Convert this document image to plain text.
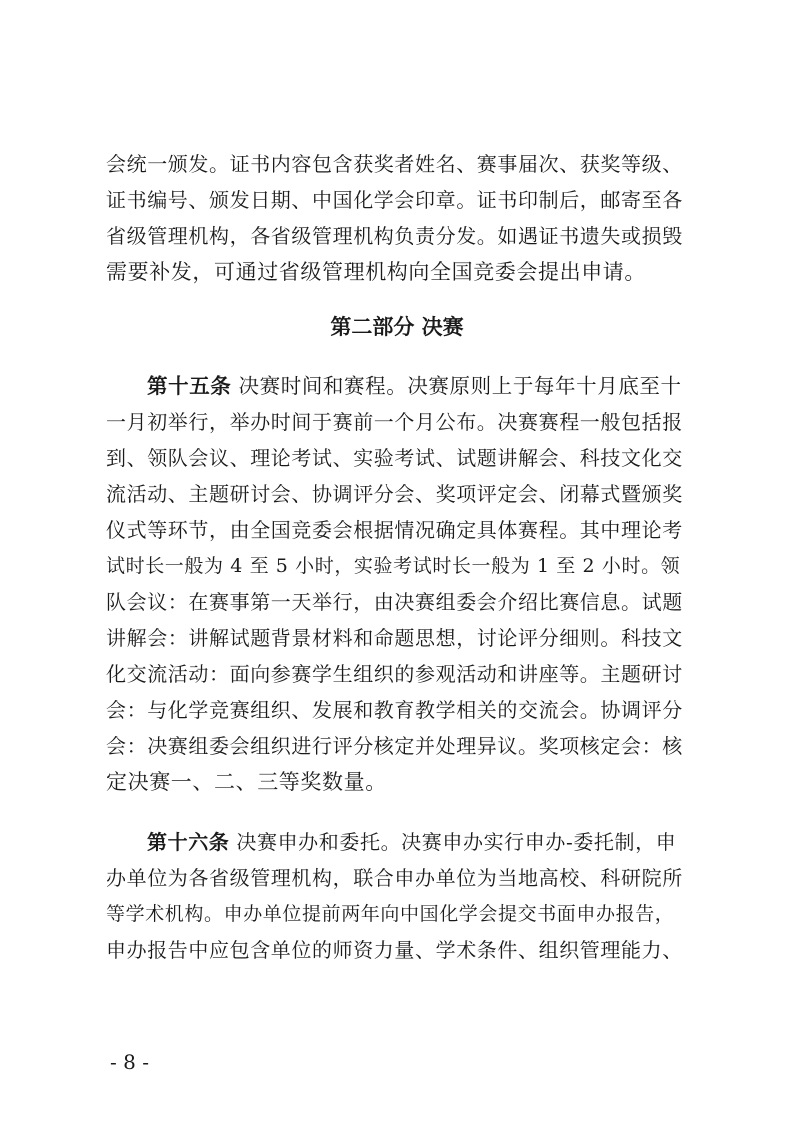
会统一颁发。证书内容包含获奖者姓名、赛事届次、获奖等级、
证书编号、颁发日期、中国化学会印章。证书印制后，邮寄至各
省级管理机构，各省级管理机构负责分发。如遇证书遗失或损毁
需要补发，可通过省级管理机构向全国竞委会提出申请。
第二部分 决赛
第十五条 决赛时间和赛程。决赛原则上于每年十月底至十
一月初举行，举办时间于赛前一个月公布。决赛赛程一般包括报
到、领队会议、理论考试、实验考试、试题讲解会、科技文化交
流活动、主题研讨会、协调评分会、奖项评定会、闭幕式暨颁奖
仪式等环节，由全国竞委会根据情况确定具体赛程。其中理论考
试时长一般为 4 至 5 小时，实验考试时长一般为 1 至 2 小时。领
队会议：在赛事第一天举行，由决赛组委会介绍比赛信息。试题
讲解会：讲解试题背景材料和命题思想，讨论评分细则。科技文
化交流活动：面向参赛学生组织的参观活动和讲座等。主题研讨
会：与化学竞赛组织、发展和教育教学相关的交流会。协调评分
会：决赛组委会组织进行评分核定并处理异议。奖项核定会：核
定决赛一、二、三等奖数量。
第十六条 决赛申办和委托。决赛申办实行申办-委托制，申
办单位为各省级管理机构，联合申办单位为当地高校、科研院所
等学术机构。申办单位提前两年向中国化学会提交书面申办报告，
申办报告中应包含单位的师资力量、学术条件、组织管理能力、
- 8 -
